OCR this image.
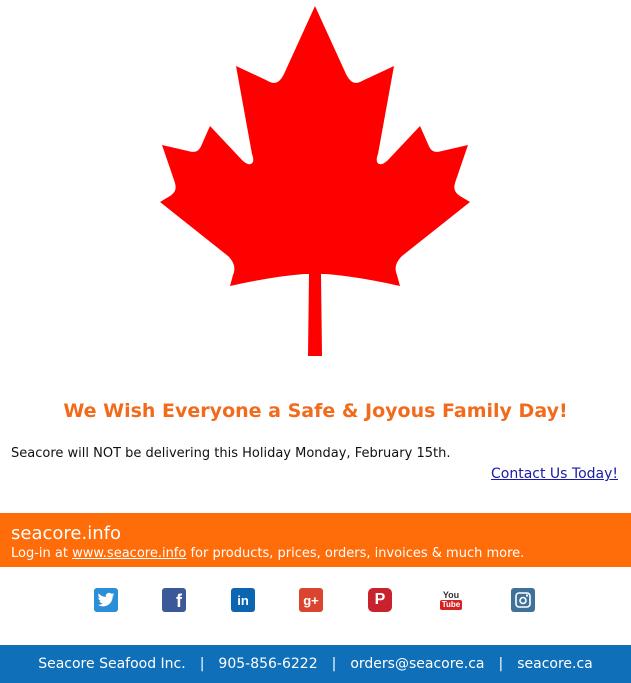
We Wish Everyone a Safe & Joyous Family Day!
Seacore will NOT be delivering this Holiday Monday, February 15th.
Contact Us Today!
seacore.info
Log-in at www.seacore.info for products, prices, orders, invoices & much more.
f	in	g+	P	You
Tube
Seacore Seafood Inc. | 905-856-6222 | orders@seacore.ca | seacore.ca
